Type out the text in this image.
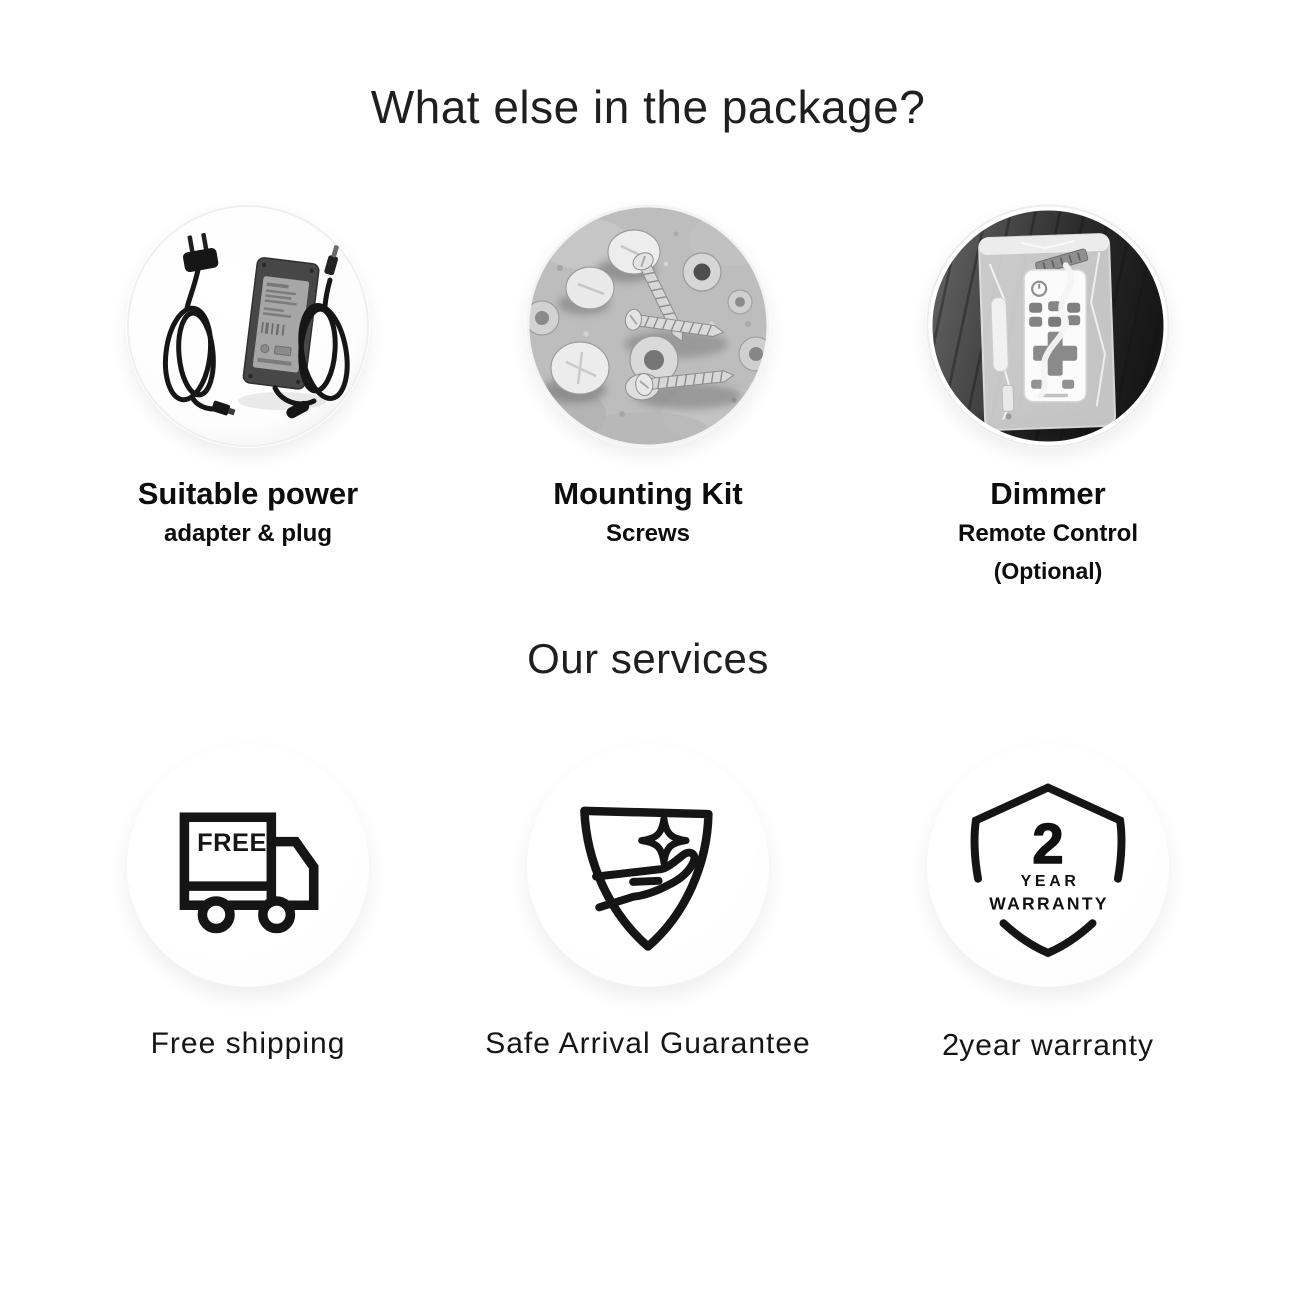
What else in the package?
Suitable power
adapter & plug
Mounting Kit
Screws
Dimmer
Remote Control
(Optional)
Our services
FREE
Free shipping	Safe Arrival Guarantee
2
YEAR
WARRANTY
2year warranty
